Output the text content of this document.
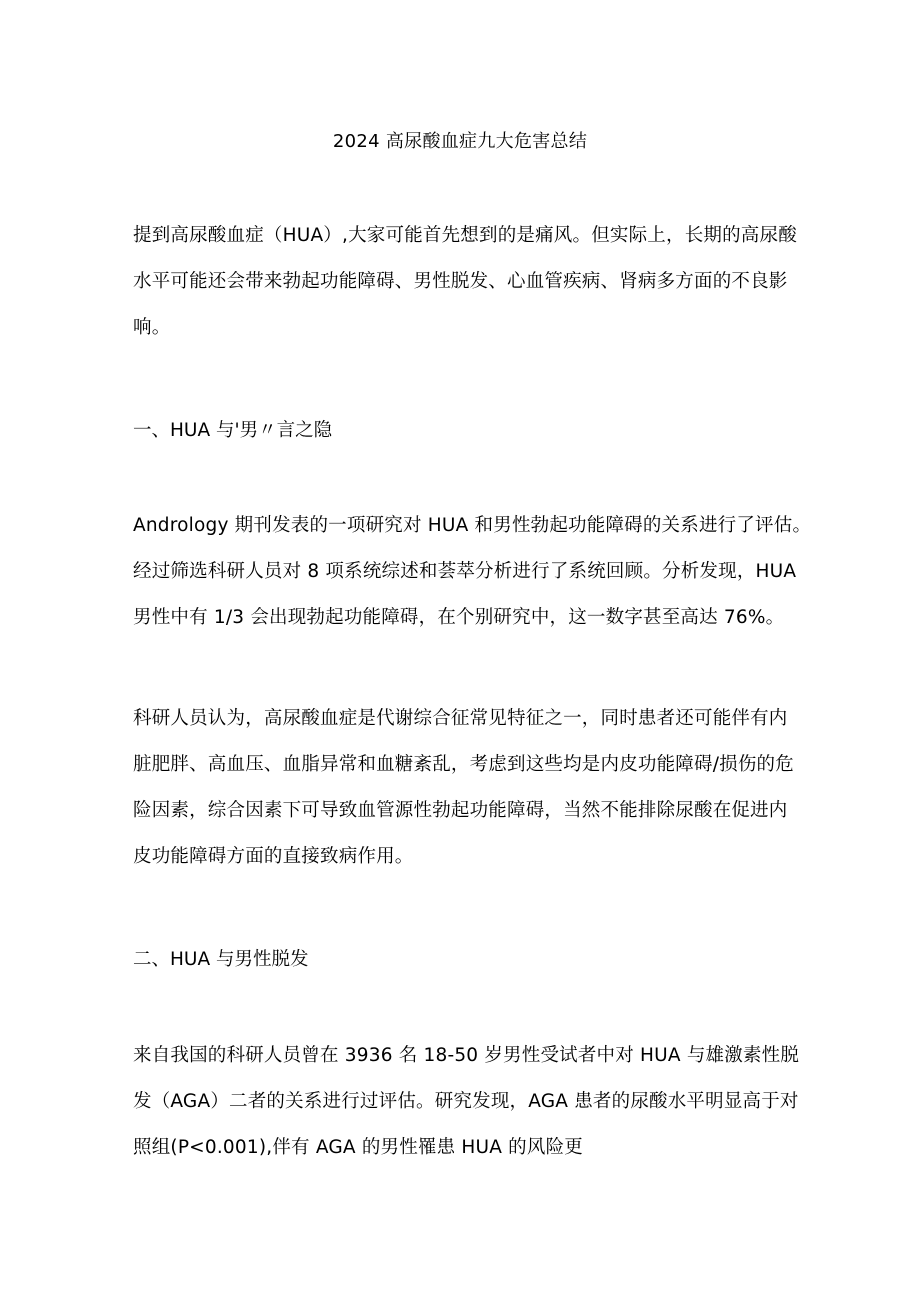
2024 高尿酸血症九大危害总结
提到高尿酸血症（HUA）,大家可能首先想到的是痛风。但实际上，长期的高尿酸
水平可能还会带来勃起功能障碍、男性脱发、心血管疾病、肾病多方面的不良影
响。
一、HUA 与'男〃言之隐
Andrology 期刊发表的一项研究对 HUA 和男性勃起功能障碍的关系进行了评估。
经过筛选科研人员对 8 项系统综述和荟萃分析进行了系统回顾。分析发现，HUA
男性中有 1/3 会出现勃起功能障碍，在个别研究中，这一数字甚至高达 76%。
科研人员认为，高尿酸血症是代谢综合征常见特征之一，同时患者还可能伴有内
脏肥胖、高血压、血脂异常和血糖紊乱，考虑到这些均是内皮功能障碍/损伤的危
险因素，综合因素下可导致血管源性勃起功能障碍，当然不能排除尿酸在促进内
皮功能障碍方面的直接致病作用。
二、HUA 与男性脱发
来自我国的科研人员曾在 3936 名 18-50 岁男性受试者中对 HUA 与雄激素性脱
发（AGA）二者的关系进行过评估。研究发现，AGA 患者的尿酸水平明显高于对
照组(P<0.001),伴有 AGA 的男性罹患 HUA 的风险更
